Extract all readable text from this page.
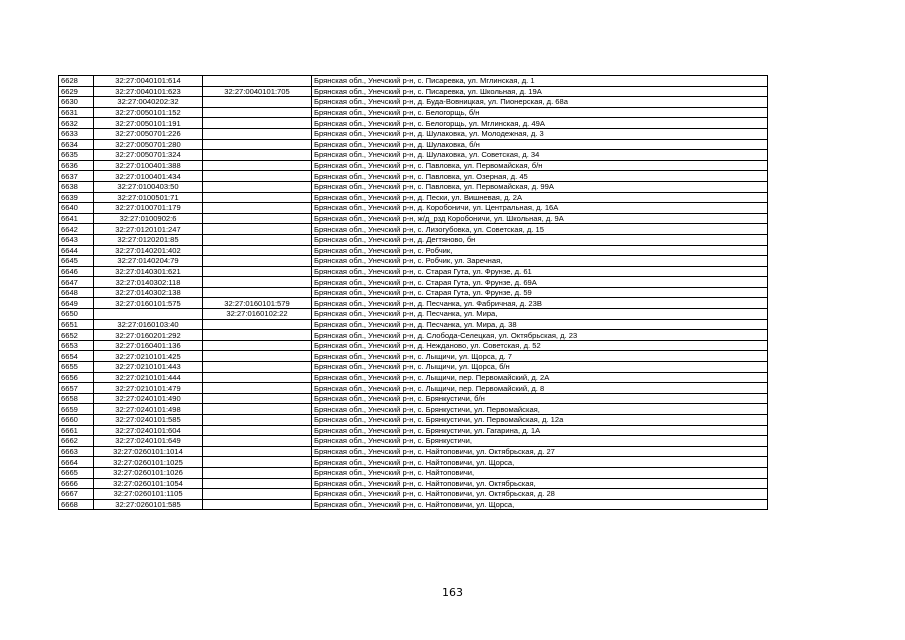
6628	32:27:0040101:614		Брянская обл., Унечский р-н, с. Писаревка, ул. Мглинская, д. 1
6629	32:27:0040101:623	32:27:0040101:705	Брянская обл., Унечский р-н, с. Писаревка, ул. Школьная, д. 19А
6630	32:27:0040202:32		Брянская обл., Унечский р-н, д. Буда-Вовницкая, ул. Пионерская, д. 68а
6631	32:27:0050101:152		Брянская обл., Унечский р-н, с. Белогорщь, б/н
6632	32:27:0050101:191		Брянская обл., Унечский р-н, с. Белогорщь, ул. Мглинская, д. 49А
6633	32:27:0050701:226		Брянская обл., Унечский р-н, д. Шулаковка, ул. Молодежная, д. 3
6634	32:27:0050701:280		Брянская обл., Унечский р-н, д. Шулаковка, б/н
6635	32:27:0050701:324		Брянская обл., Унечский р-н, д. Шулаковка, ул. Советская, д. 34
6636	32:27:0100401:388		Брянская обл., Унечский р-н, с. Павловка, ул. Первомайская, б/н
6637	32:27:0100401:434		Брянская обл., Унечский р-н, с. Павловка, ул. Озерная, д. 45
6638	32:27:0100403:50		Брянская обл., Унечский р-н, с. Павловка, ул. Первомайская, д. 99А
6639	32:27:0100501:71		Брянская обл., Унечский р-н, д. Пески, ул. Вишневая, д. 2А
6640	32:27:0100701:179		Брянская обл., Унечский р-н, д. Коробоничи, ул. Центральная, д. 16А
6641	32:27:0100902:6		Брянская обл., Унечский р-н, ж/д_рзд Коробоничи, ул. Школьная, д. 9А
6642	32:27:0120101:247		Брянская обл., Унечский р-н, с. Лизогубовка, ул. Советская, д. 15
6643	32:27:0120201:85		Брянская обл., Унечский р-н, д. Дегтяново, бн
6644	32:27:0140201:402		Брянская обл., Унечский р-н, с. Робчик,
6645	32:27:0140204:79		Брянская обл., Унечский р-н, с. Робчик, ул. Заречная,
6646	32:27:0140301:621		Брянская обл., Унечский р-н, с. Старая Гута, ул. Фрунзе, д. 61
6647	32:27:0140302:118		Брянская обл., Унечский р-н, с. Старая Гута, ул. Фрунзе, д. 69А
6648	32:27:0140302:138		Брянская обл., Унечский р-н, с. Старая Гута, ул. Фрунзе, д. 59
6649	32:27:0160101:575	32:27:0160101:579	Брянская обл., Унечский р-н, д. Песчанка, ул. Фабричная, д. 23В
6650		32:27:0160102:22	Брянская обл., Унечский р-н, д. Песчанка, ул. Мира,
6651	32:27:0160103:40		Брянская обл., Унечский р-н, д. Песчанка, ул. Мира, д. 38
6652	32:27:0160201:292		Брянская обл., Унечский р-н, д. Слобода-Селецкая, ул. Октябрьская, д. 23
6653	32:27:0160401:136		Брянская обл., Унечский р-н, д. Нежданово, ул. Советская, д. 52
6654	32:27:0210101:425		Брянская обл., Унечский р-н, с. Лыщичи, ул. Щорса, д. 7
6655	32:27:0210101:443		Брянская обл., Унечский р-н, с. Лыщичи, ул. Щорса, б/н
6656	32:27:0210101:444		Брянская обл., Унечский р-н, с. Лыщичи, пер. Первомайский, д. 2А
6657	32:27:0210101:479		Брянская обл., Унечский р-н, с. Лыщичи, пер. Первомайский, д. 8
6658	32:27:0240101:490		Брянская обл., Унечский р-н, с. Брянкустичи, б/н
6659	32:27:0240101:498		Брянская обл., Унечский р-н, с. Брянкустичи, ул. Первомайская,
6660	32:27:0240101:585		Брянская обл., Унечский р-н, с. Брянкустичи, ул. Первомайская, д. 12а
6661	32:27:0240101:604		Брянская обл., Унечский р-н, с. Брянкустичи, ул. Гагарина, д. 1А
6662	32:27:0240101:649		Брянская обл., Унечский р-н, с. Брянкустичи,
6663	32:27:0260101:1014		Брянская обл., Унечский р-н, с. Найтоповичи, ул. Октябрьская, д. 27
6664	32:27:0260101:1025		Брянская обл., Унечский р-н, с. Найтоповичи, ул. Щорса,
6665	32:27:0260101:1026		Брянская обл., Унечский р-н, с. Найтоповичи,
6666	32:27:0260101:1054		Брянская обл., Унечский р-н, с. Найтоповичи, ул. Октябрьская,
6667	32:27:0260101:1105		Брянская обл., Унечский р-н, с. Найтоповичи, ул. Октябрьская, д. 28
6668	32:27:0260101:585		Брянская обл., Унечский р-н, с. Найтоповичи, ул. Щорса,
163
